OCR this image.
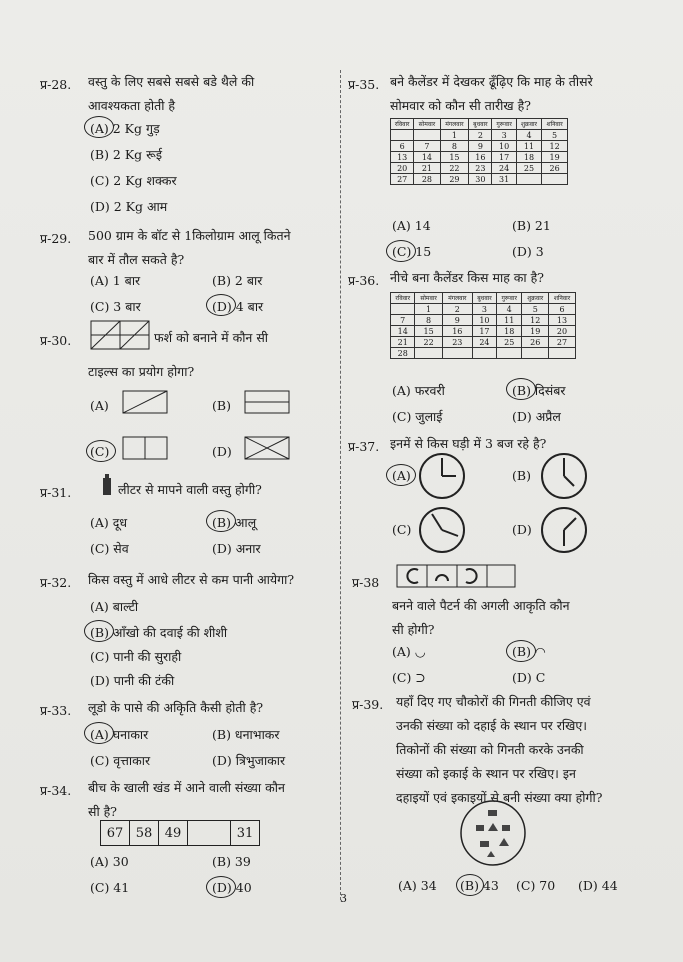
प्र-28. वस्तु के लिए सबसे सबसे बडे थैले की
आवश्यकता होती है
(A) 2 Kg गुड़
(B) 2 Kg रूई
(C) 2 Kg शक्कर
(D) 2 Kg आम
प्र-29. 500 ग्राम के बॉट से 1किलोग्राम आलू कितने
बार में तौल सकते है?
(A) 1 बार	(B) 2 बार
(C) 3 बार	(D) 4 बार
प्र-30.	फर्श को बनाने में कौन सी
टाइल्स का प्रयोग होगा?
(A)	(B)
(C)	(D)
प्र-31.	लीटर से मापने वाली वस्तु होगी?
(A) दूध	(B) आलू
(C) सेव	(D) अनार
प्र-32. किस वस्तु में आधे लीटर से कम पानी आयेगा?
(A) बाल्टी
(B) आँखो की दवाई की शीशी
(C) पानी की सुराही
(D) पानी की टंकी
प्र-33. लूडो के पासे की अकिृति कैसी होती है?
(A) घनाकार	(B) धनाभाकर
(C) वृत्ताकार	(D) त्रिभुजाकार
प्र-34. बीच के खाली खंड में आने वाली संख्या कौन
सी है?
67	58	49		31
(A) 30	(B) 39
(C) 41	(D) 40
प्र-35. बने कैलेंडर में देखकर ढूँढ़िए कि माह के तीसरे
सोमवार को कौन सी तारीख है?
रविवार	सोमवार	मंगलवार	बुधवार	गुरूवार	शुक्रवार	शनिवार
		1	2	3	4	5
6	7	8	9	10	11	12
13	14	15	16	17	18	19
20	21	22	23	24	25	26
27	28	29	30	31		
(A) 14	(B) 21
(C) 15	(D) 3
प्र-36. नीचे बना कैलेंडर किस माह का है?
रविवार	सोमवार	मंगलवार	बुधवार	गुरूवार	शुक्रवार	शनिवार
	1	2	3	4	5	6
7	8	9	10	11	12	13
14	15	16	17	18	19	20
21	22	23	24	25	26	27
28						
(A) फरवरी	(B) दिसंबर
(C) जुलाई	(D) अप्रैल
प्र-37. इनमें से किस घड़ी में 3 बज रहे है?
(A)	(B)
(C)	(D)
प्र-38
बनने वाले पैटर्न की अगली आकृति कौन
सी होगी?
(A) ◡	(B) ◠
(C) ⊃	(D) C
प्र-39. यहाँ दिए गए चौकोरों की गिनती कीजिए एवं
उनकी संख्या को दहाई के स्थान पर रखिए।
तिकोनों की संख्या को गिनती करके उनकी
संख्या को इकाई के स्थान पर रखिए। इन
दहाइयों एवं इकाइयों से बनी संख्या क्या होगी?
(A) 34 (B) 43 (C) 70 (D) 44
3
